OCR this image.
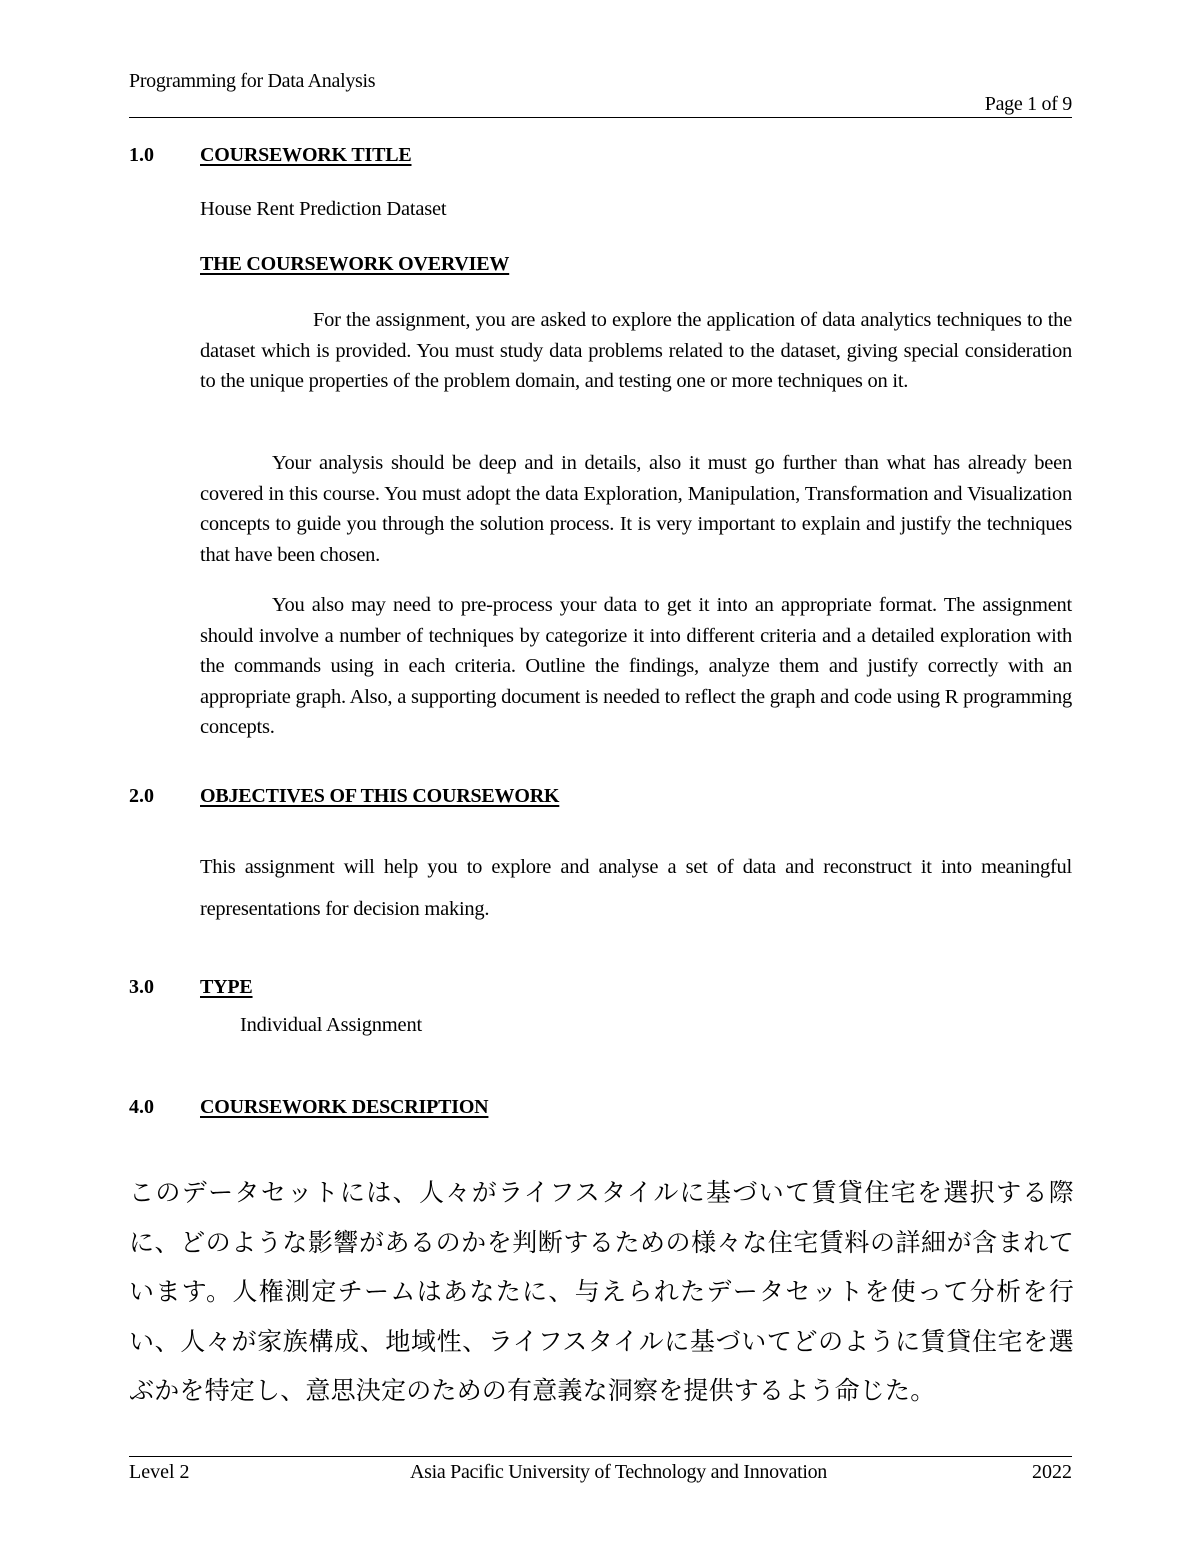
Programming for Data Analysis
Page 1 of 9
1.0 COURSEWORK TITLE
House Rent Prediction Dataset
THE COURSEWORK OVERVIEW

For the assignment, you are asked to explore the application of data analytics techniques to the dataset which is provided. You must study data problems related to the dataset, giving special consideration to the unique properties of the problem domain, and testing one or more techniques on it.

Your analysis should be deep and in details, also it must go further than what has already been covered in this course. You must adopt the data Exploration, Manipulation, Transformation and Visualization concepts to guide you through the solution process. It is very important to explain and justify the techniques that have been chosen.

You also may need to pre-process your data to get it into an appropriate format. The assignment should involve a number of techniques by categorize it into different criteria and a detailed exploration with the commands using in each criteria. Outline the findings, analyze them and justify correctly with an appropriate graph. Also, a supporting document is needed to reflect the graph and code using R programming concepts.

2.0 OBJECTIVES OF THIS COURSEWORK

This assignment will help you to explore and analyse a set of data and reconstruct it into meaningful representations for decision making.

3.0 TYPE
Individual Assignment
4.0 COURSEWORK DESCRIPTION

このデータセットには、人々がライフスタイルに基づいて賃貸住宅を選択する際に、どのような影響があるのかを判断するための様々な住宅賃料の詳細が含まれています。人権測定チームはあなたに、与えられたデータセットを使って分析を行い、人々が家族構成、地域性、ライフスタイルに基づいてどのように賃貸住宅を選ぶかを特定し、意思決定のための有意義な洞察を提供するよう命じた。

Level 2	Asia Pacific University of Technology and Innovation	2022
